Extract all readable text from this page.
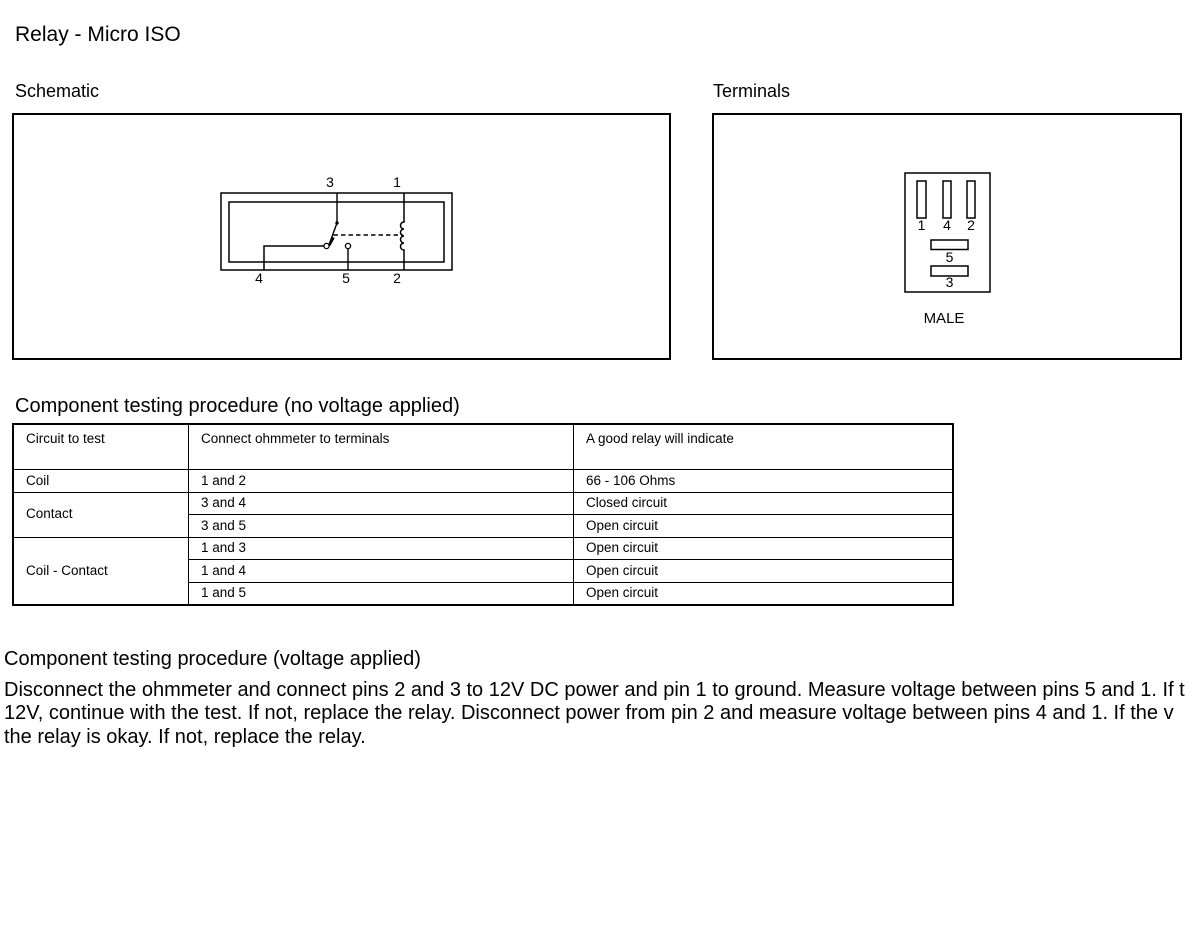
Relay - Micro ISO
Schematic	Terminals
3	1
4	5	2
1 4 2
5
3
MALE
Component testing procedure (no voltage applied)
Circuit to test	Connect ohmmeter to terminals	A good relay will indicate
Coil	1 and 2	66 - 106 Ohms
Contact	3 and 4	Closed circuit
	3 and 5	Open circuit
Coil - Contact	1 and 3	Open circuit
	1 and 4	Open circuit
	1 and 5	Open circuit
Component testing procedure (voltage applied)
Disconnect the ohmmeter and connect pins 2 and 3 to 12V DC power and pin 1 to ground. Measure voltage between pins 5 and 1. If t
12V, continue with the test. If not, replace the relay. Disconnect power from pin 2 and measure voltage between pins 4 and 1. If the v
the relay is okay. If not, replace the relay.
